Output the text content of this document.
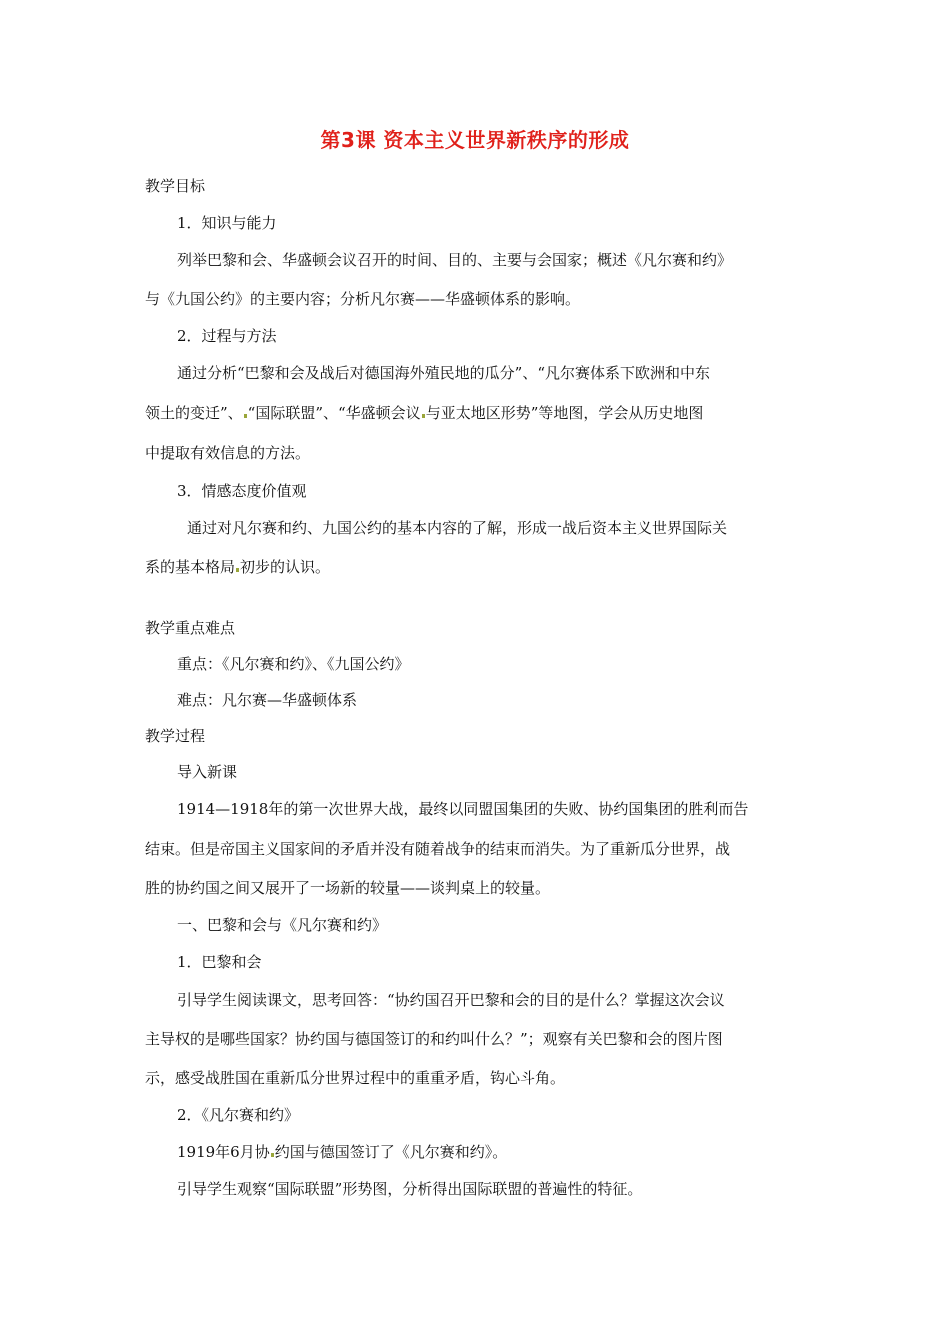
第3课 资本主义世界新秩序的形成
教学目标
1．知识与能力
列举巴黎和会、华盛顿会议召开的时间、目的、主要与会国家；概述《凡尔赛和约》
与《九国公约》的主要内容；分析凡尔赛——华盛顿体系的影响。
2．过程与方法
通过分析“巴黎和会及战后对德国海外殖民地的瓜分”、“凡尔赛体系下欧洲和中东
领土的变迁”、 “国际联盟”、“华盛顿会议 与亚太地区形势”等地图，学会从历史地图
中提取有效信息的方法。
3．情感态度价值观
通过对凡尔赛和约、九国公约的基本内容的了解，形成一战后资本主义世界国际关
系的基本格局 初步的认识。
教学重点难点
重点：《凡尔赛和约》、《九国公约》
难点：凡尔赛—华盛顿体系
教学过程
导入新课
1914—1918年的第一次世界大战，最终以同盟国集团的失败、协约国集团的胜利而告
结束。但是帝国主义国家间的矛盾并没有随着战争的结束而消失。为了重新瓜分世界，战
胜的协约国之间又展开了一场新的较量——谈判桌上的较量。
一、巴黎和会与《凡尔赛和约》
1．巴黎和会
引导学生阅读课文，思考回答：“协约国召开巴黎和会的目的是什么？掌握这次会议
主导权的是哪些国家？协约国与德国签订的和约叫什么？”；观察有关巴黎和会的图片图
示，感受战胜国在重新瓜分世界过程中的重重矛盾，钩心斗角。
2．《凡尔赛和约》
1919年6月协 约国与德国签订了《凡尔赛和约》。
引导学生观察“国际联盟”形势图，分析得出国际联盟的普遍性的特征。
